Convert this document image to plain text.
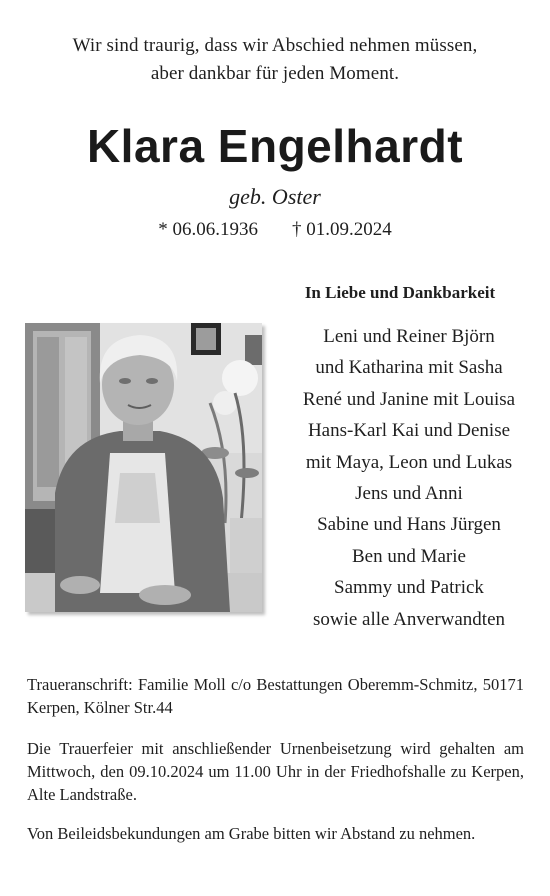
Wir sind traurig, dass wir Abschied nehmen müssen,
aber dankbar für jeden Moment.
Klara Engelhardt
geb. Oster
* 06.06.1936 † 01.09.2024
In Liebe und Dankbarkeit
Leni und Reiner Björn
und Katharina mit Sasha
René und Janine mit Louisa
Hans-Karl Kai und Denise
mit Maya, Leon und Lukas
Jens und Anni
Sabine und Hans Jürgen
Ben und Marie
Sammy und Patrick
sowie alle Anverwandten
Traueranschrift: Familie Moll c/o Bestattungen Oberemm-Schmitz, 50171 Kerpen, Kölner Str.44
Die Trauerfeier mit anschließender Urnenbeisetzung wird gehalten am Mittwoch, den 09.10.2024 um 11.00 Uhr in der Friedhofshalle zu Kerpen, Alte Landstraße.
Von Beileidsbekundungen am Grabe bitten wir Abstand zu nehmen.
